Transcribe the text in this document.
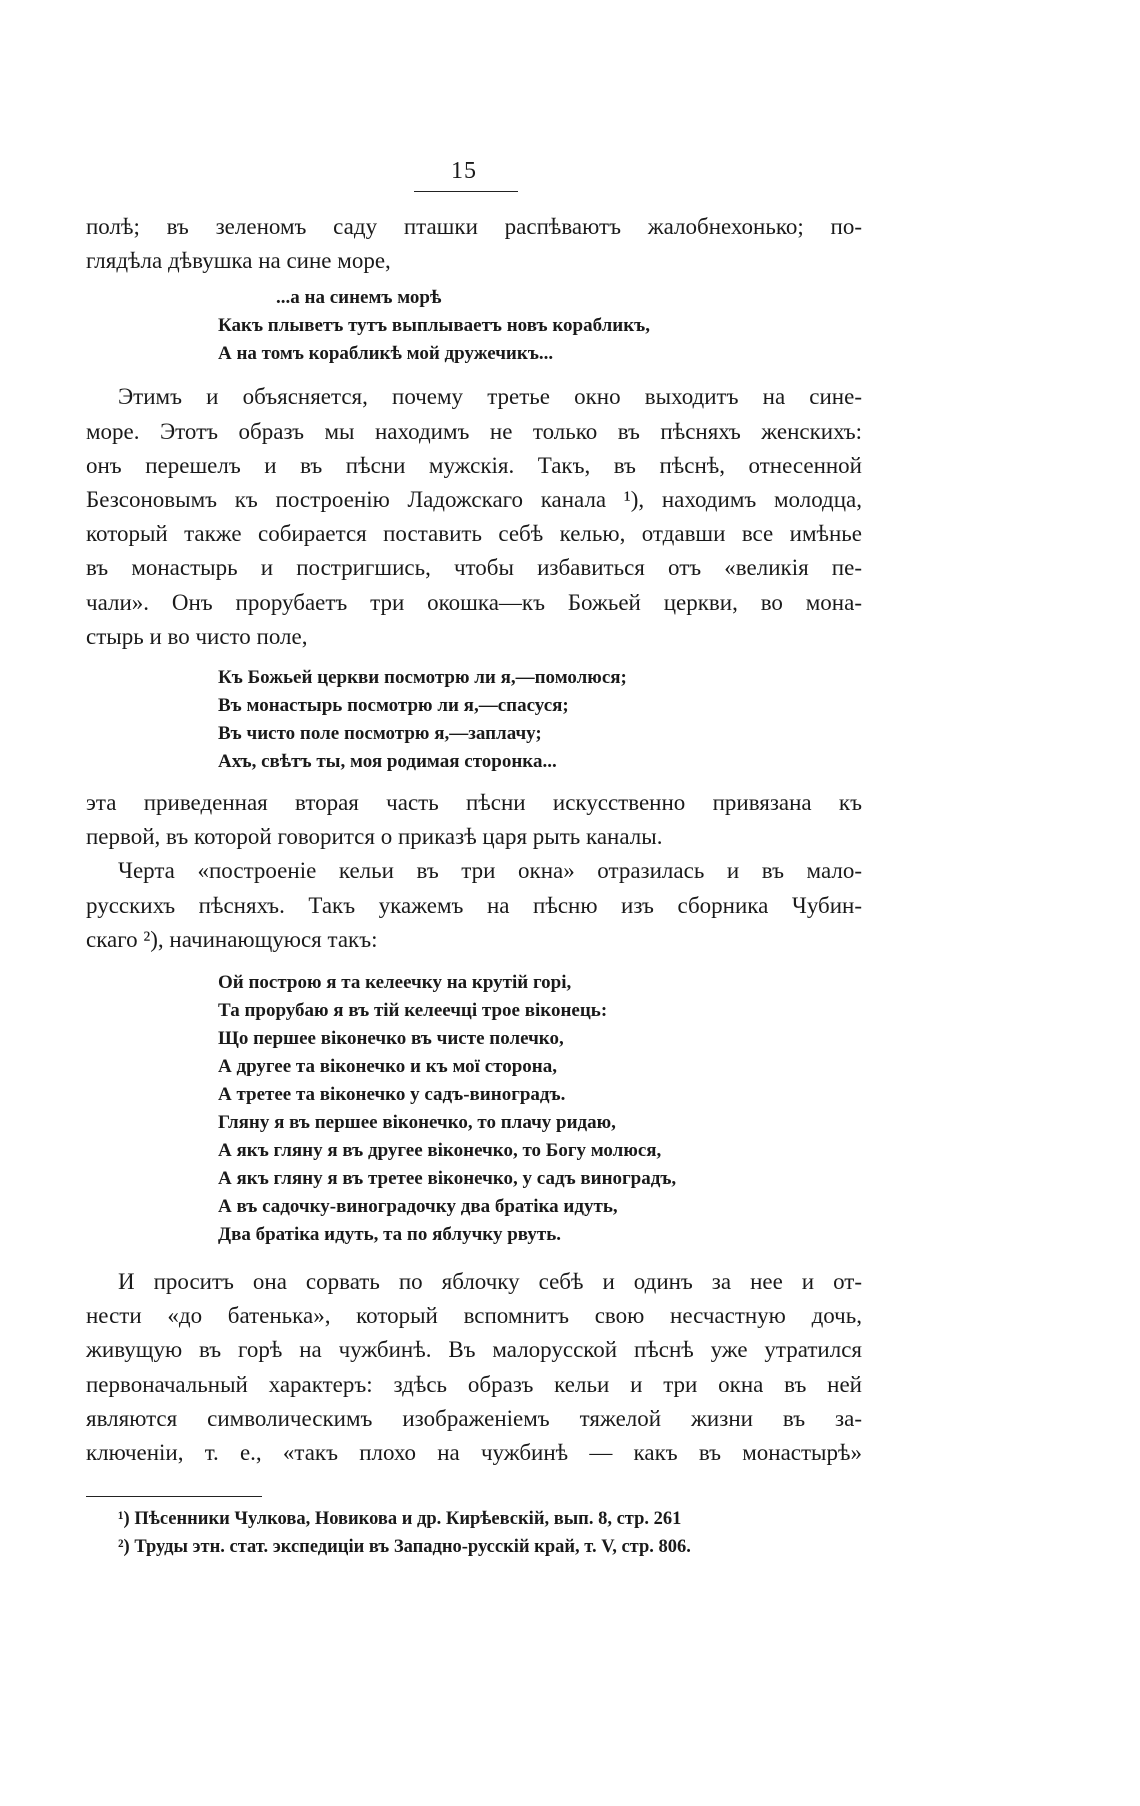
15

полѣ; въ зеленомъ саду пташки распѣваютъ жалобнехонько; по-
глядѣла дѣвушка на сине море,

...а на синемъ морѣ
Какъ плыветъ тутъ выплываетъ новъ корабликъ,
А на томъ корабликѣ мой дружечикъ...

Этимъ и объясняется, почему третье окно выходитъ на сине-
море. Этотъ образъ мы находимъ не только въ пѣсняхъ женскихъ:
онъ перешелъ и въ пѣсни мужскія. Такъ, въ пѣснѣ, отнесенной
Безсоновымъ къ построенію Ладожскаго канала ¹), находимъ молодца,
который также собирается поставить себѣ келью, отдавши все имѣнье
въ монастырь и постригшись, чтобы избавиться отъ «великія пе-
чали». Онъ прорубаетъ три окошка—къ Божьей церкви, во мона-
стырь и во чисто поле,

Къ Божьей церкви посмотрю ли я,—помолюся;
Въ монастырь посмотрю ли я,—спасуся;
Въ чисто поле посмотрю я,—заплачу;
Ахъ, свѣтъ ты, моя родимая сторонка...

эта приведенная вторая часть пѣсни искусственно привязана къ
первой, въ которой говорится о приказѣ царя рыть каналы.
Черта «построеніе кельи въ три окна» отразилась и въ мало-
русскихъ пѣсняхъ. Такъ укажемъ на пѣсню изъ сборника Чубин-
скаго ²), начинающуюся такъ:

Ой построю я та келеечку на крутій горі,
Та прорубаю я въ тій келеечці трое віконець:
Що першее віконечко въ чисте полечко,
А другее та віконечко и къ мої сторона,
А третее та віконечко у садъ-виноградъ.
Гляну я въ першее віконечко, то плачу ридаю,
А якъ гляну я въ другее віконечко, то Богу молюся,
А якъ гляну я въ третее віконечко, у садъ виноградъ,
А въ садочку-виноградочку два братіка идуть,
Два братіка идуть, та по яблучку рвуть.

И проситъ она сорвать по яблочку себѣ и одинъ за нее и от-
нести «до батенька», который вспомнитъ свою несчастную дочь,
живущую въ горѣ на чужбинѣ. Въ малорусской пѣснѣ уже утратился
первоначальный характеръ: здѣсь образъ кельи и три окна въ ней
являются символическимъ изображеніемъ тяжелой жизни въ за-
ключеніи, т. е., «такъ плохо на чужбинѣ — какъ въ монастырѣ»

¹) Пѣсенники Чулкова, Новикова и др. Кирѣевскій, вып. 8, стр. 261
²) Труды этн. стат. экспедиціи въ Западно-русскій край, т. V, стр. 806.
